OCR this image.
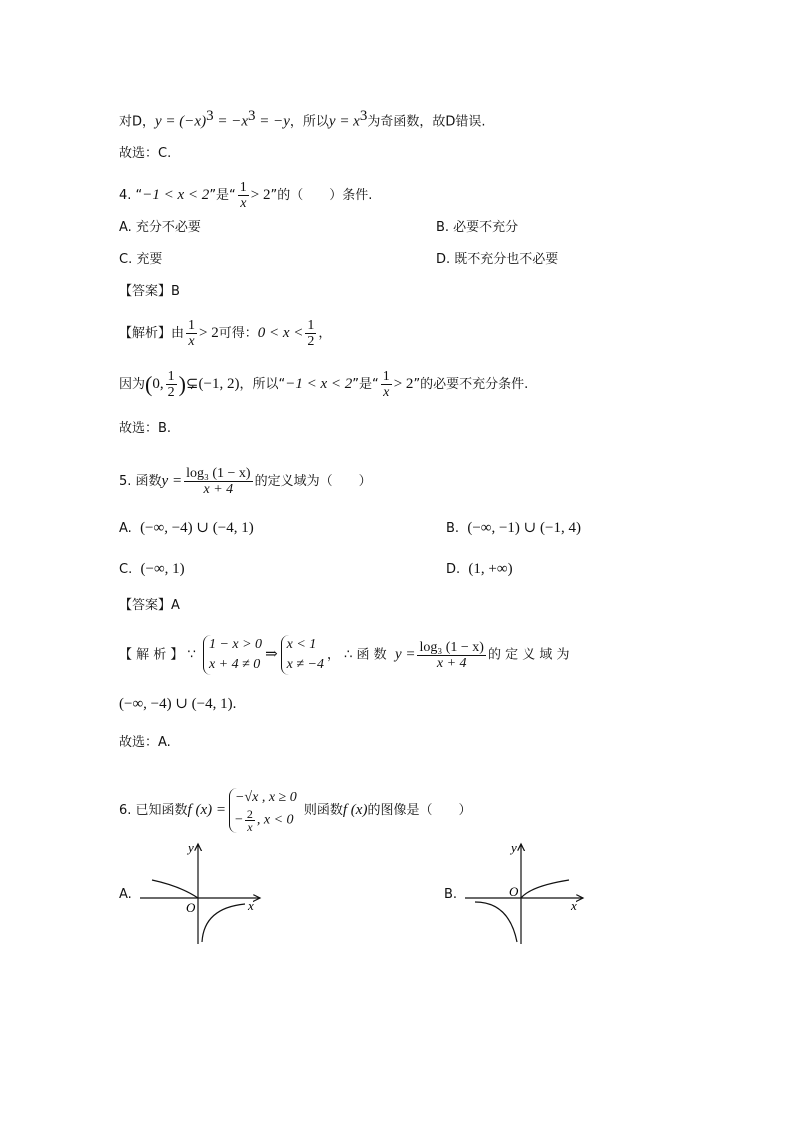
对D，$y = (-x)^3 = -x^3 = -y$，所以$y = x^3$为奇函数，故D错误.
故选：C.
4. “−1 < x < 2”是“ $\frac{1}{x} > 2$”的（　　）条件.
A. 充分不必要	B. 必要不充分
C. 充要	D. 既不充分也不必要
【答案】B
【解析】由 $\frac{1}{x} > 2$可得：$0 < x < \frac{1}{2}$ ，
因为(0, $\frac{1}{2}$ )⊊(−1, 2)，所以“−1 < x < 2”是“ $\frac{1}{x} > 2$”的必要不充分条件.
故选：B.
5. 函数$y = \frac{\text{log₃ (1 − x)}}{x + 4}$ 的定义域为（　　）
A.  (−∞, −4) ∪ (−4, 1)	B.  (−∞, −1) ∪ (−1, 4)
C.  (−∞, 1)	D.  (1, +∞)
【答案】A
【 解 析 】 ∵
1 − x > 0
x + 4 ≠ 0
⇒
x < 1
x ≠ −4
， ∴ 函 数 $y = \frac{\text{log₃ (1 − x)}}{x + 4}$ 的 定 义 域 为
(−∞, −4) ∪ (−4, 1).
故选：A.
6. 已知函数f (x) =
−√x , x ≥ 0
− $\frac{2}{x}$ , x < 0
则函数f (x)的图像是（　　）
A.
O	x
y
B.	O
x
y
